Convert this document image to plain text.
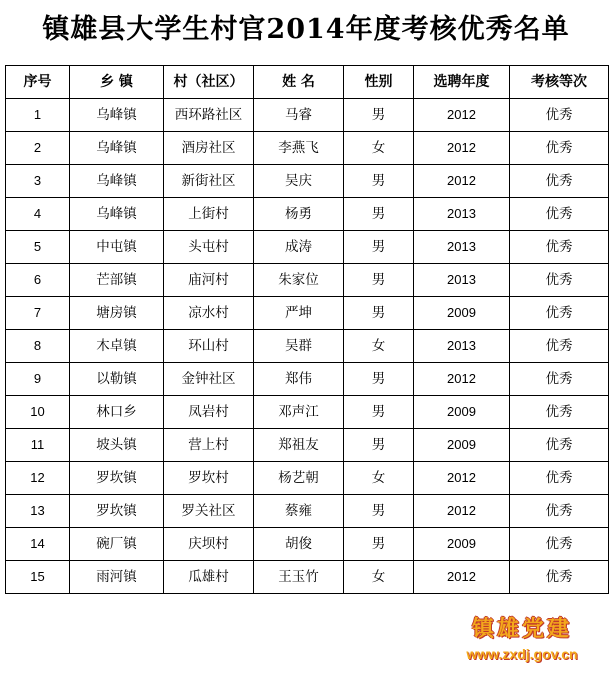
镇雄县大学生村官2014年度考核优秀名单
序号	乡 镇	村（社区）	姓 名	性别	选聘年度	考核等次
1	乌峰镇	西环路社区	马睿	男	2012	优秀
2	乌峰镇	酒房社区	李燕飞	女	2012	优秀
3	乌峰镇	新街社区	吴庆	男	2012	优秀
4	乌峰镇	上街村	杨勇	男	2013	优秀
5	中屯镇	头屯村	成涛	男	2013	优秀
6	芒部镇	庙河村	朱家位	男	2013	优秀
7	塘房镇	凉水村	严坤	男	2009	优秀
8	木卓镇	环山村	吴群	女	2013	优秀
9	以勒镇	金钟社区	郑伟	男	2012	优秀
10	林口乡	凤岩村	邓声江	男	2009	优秀
11	坡头镇	营上村	郑祖友	男	2009	优秀
12	罗坎镇	罗坎村	杨艺朝	女	2012	优秀
13	罗坎镇	罗关社区	蔡雍	男	2012	优秀
14	碗厂镇	庆坝村	胡俊	男	2009	优秀
15	雨河镇	瓜雄村	王玉竹	女	2012	优秀
镇雄党建
www.zxdj.gov.cn
